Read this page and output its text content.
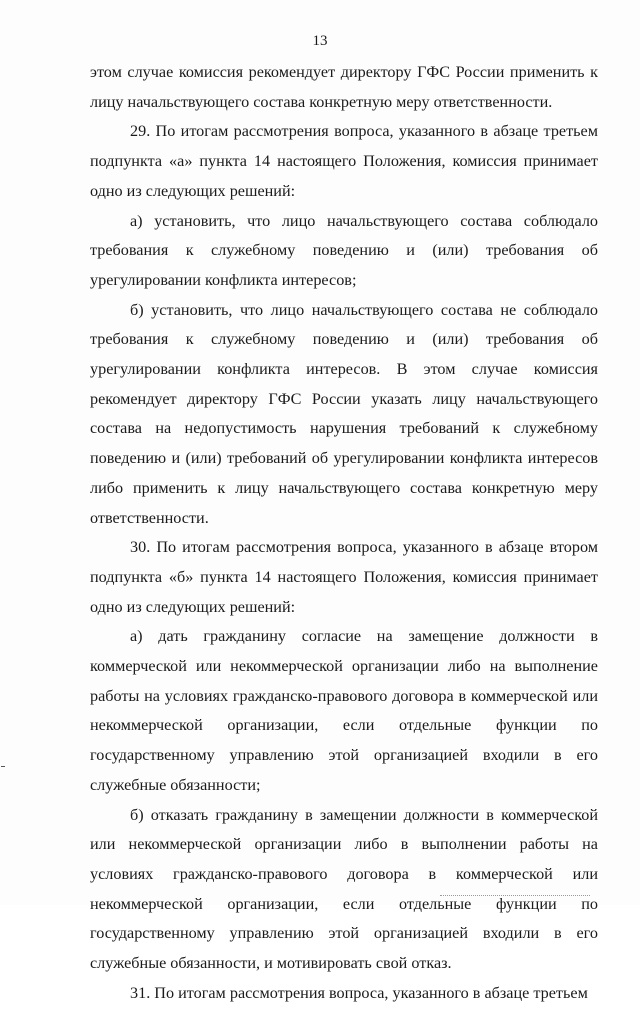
13

этом случае комиссия рекомендует директору ГФС России применить к лицу начальствующего состава конкретную меру ответственности.

29. По итогам рассмотрения вопроса, указанного в абзаце третьем подпункта «а» пункта 14 настоящего Положения, комиссия принимает одно из следующих решений:

а) установить, что лицо начальствующего состава соблюдало требования к служебному поведению и (или) требования об урегулировании конфликта интересов;

б) установить, что лицо начальствующего состава не соблюдало требования к служебному поведению и (или) требования об урегулировании конфликта интересов. В этом случае комиссия рекомендует директору ГФС России указать лицу начальствующего состава на недопустимость нарушения требований к служебному поведению и (или) требований об урегулировании конфликта интересов либо применить к лицу начальствующего состава конкретную меру ответственности.

30. По итогам рассмотрения вопроса, указанного в абзаце втором подпункта «б» пункта 14 настоящего Положения, комиссия принимает одно из следующих решений:

а) дать гражданину согласие на замещение должности в коммерческой или некоммерческой организации либо на выполнение работы на условиях гражданско-правового договора в коммерческой или некоммерческой организации, если отдельные функции по государственному управлению этой организацией входили в его служебные обязанности;

б) отказать гражданину в замещении должности в коммерческой или некоммерческой организации либо в выполнении работы на условиях гражданско-правового договора в коммерческой или некоммерческой организации, если отдельные функции по государственному управлению этой организацией входили в его служебные обязанности, и мотивировать свой отказ.

31. По итогам рассмотрения вопроса, указанного в абзаце третьем
